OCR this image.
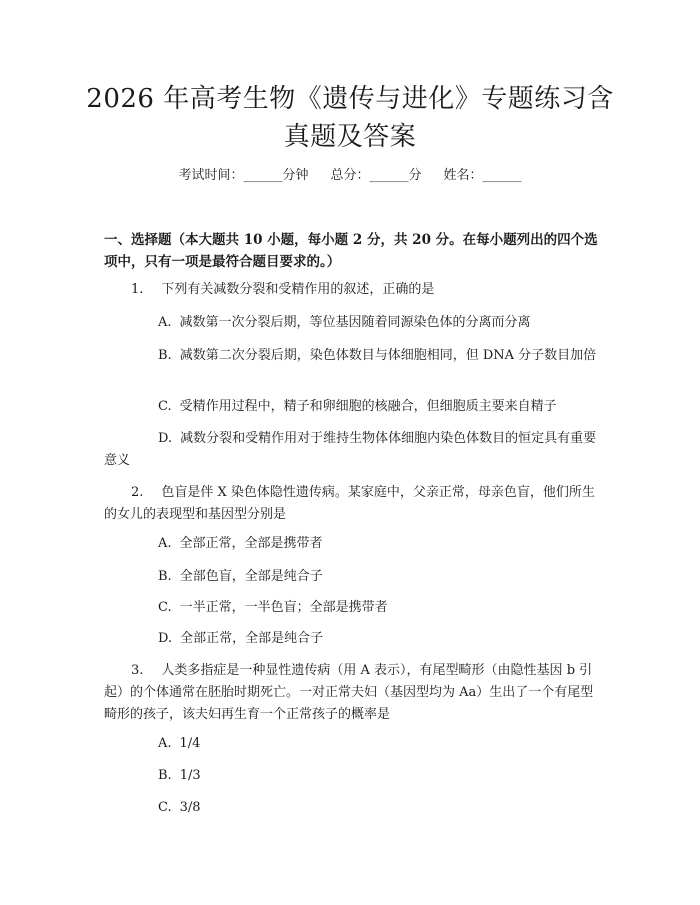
2026 年高考生物《遗传与进化》专题练习含
真题及答案
考试时间：______分钟 总分：______分 姓名：______

一、选择题（本大题共 10 小题，每小题 2 分，共 20 分。在每小题列出的四个选项中，只有一项是最符合题目要求的。）

1. 下列有关减数分裂和受精作用的叙述，正确的是
A. 减数第一次分裂后期，等位基因随着同源染色体的分离而分离
B. 减数第二次分裂后期，染色体数目与体细胞相同，但 DNA 分子数目加倍
C. 受精作用过程中，精子和卵细胞的核融合，但细胞质主要来自精子
D. 减数分裂和受精作用对于维持生物体体细胞内染色体数目的恒定具有重要意义
2. 色盲是伴 X 染色体隐性遗传病。某家庭中，父亲正常，母亲色盲，他们所生的女儿的表现型和基因型分别是
A. 全部正常，全部是携带者
B. 全部色盲，全部是纯合子
C. 一半正常，一半色盲；全部是携带者
D. 全部正常，全部是纯合子
3. 人类多指症是一种显性遗传病（用 A 表示），有尾型畸形（由隐性基因 b 引起）的个体通常在胚胎时期死亡。一对正常夫妇（基因型均为 Aa）生出了一个有尾型畸形的孩子，该夫妇再生育一个正常孩子的概率是
A. 1/4
B. 1/3
C. 3/8
